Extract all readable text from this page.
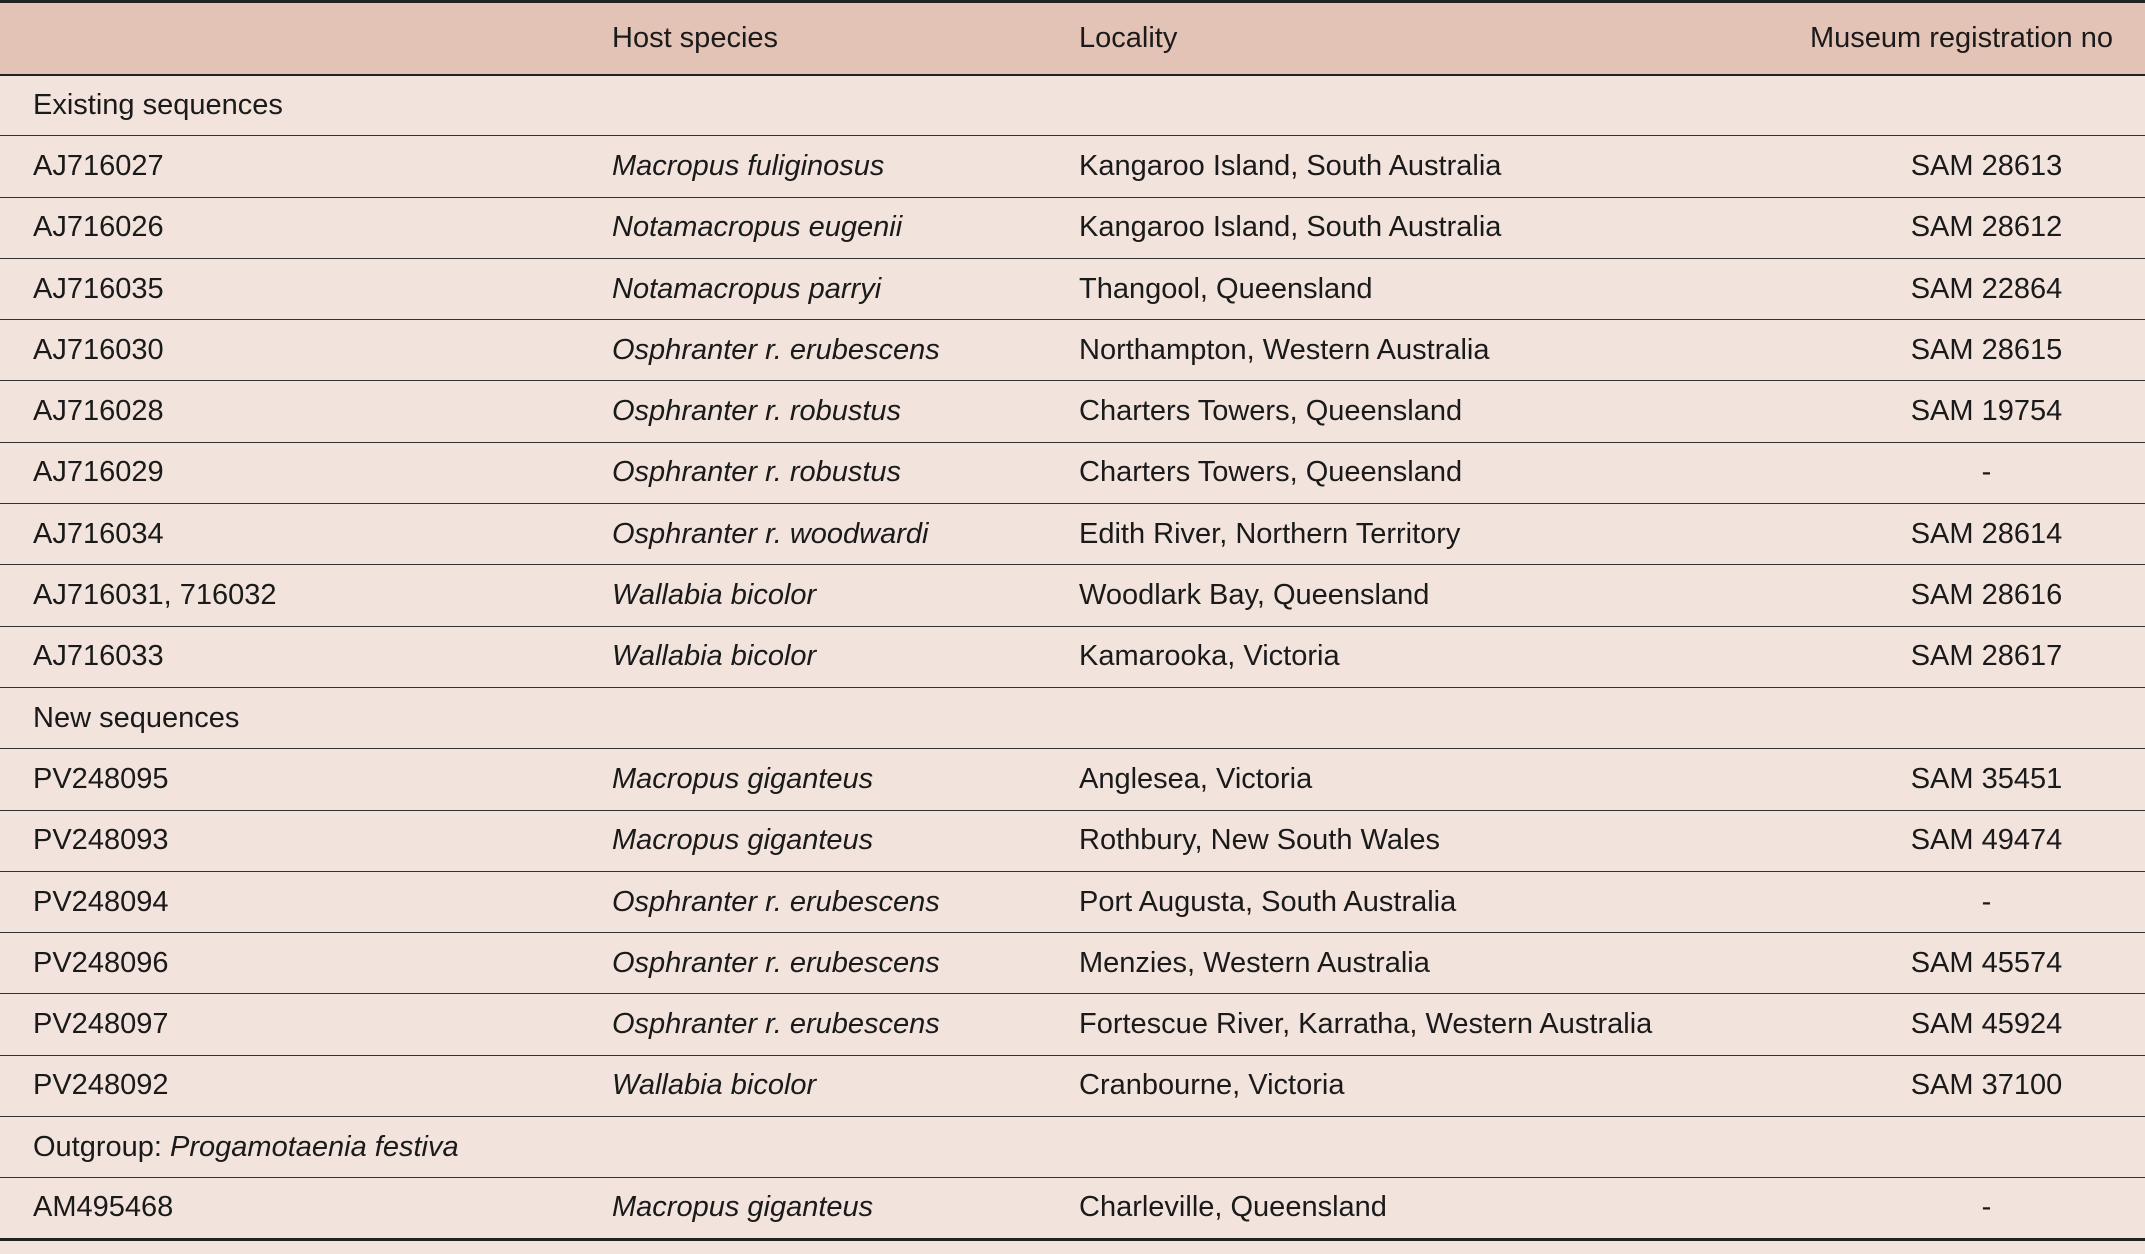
	Host species	Locality	Museum registration no
Existing sequences			
AJ716027	Macropus fuliginosus	Kangaroo Island, South Australia	SAM 28613
AJ716026	Notamacropus eugenii	Kangaroo Island, South Australia	SAM 28612
AJ716035	Notamacropus parryi	Thangool, Queensland	SAM 22864
AJ716030	Osphranter r. erubescens	Northampton, Western Australia	SAM 28615
AJ716028	Osphranter r. robustus	Charters Towers, Queensland	SAM 19754
AJ716029	Osphranter r. robustus	Charters Towers, Queensland	-
AJ716034	Osphranter r. woodwardi	Edith River, Northern Territory	SAM 28614
AJ716031, 716032	Wallabia bicolor	Woodlark Bay, Queensland	SAM 28616
AJ716033	Wallabia bicolor	Kamarooka, Victoria	SAM 28617
New sequences			
PV248095	Macropus giganteus	Anglesea, Victoria	SAM 35451
PV248093	Macropus giganteus	Rothbury, New South Wales	SAM 49474
PV248094	Osphranter r. erubescens	Port Augusta, South Australia	-
PV248096	Osphranter r. erubescens	Menzies, Western Australia	SAM 45574
PV248097	Osphranter r. erubescens	Fortescue River, Karratha, Western Australia	SAM 45924
PV248092	Wallabia bicolor	Cranbourne, Victoria	SAM 37100
Outgroup: Progamotaenia festiva			
AM495468	Macropus giganteus	Charleville, Queensland	-
